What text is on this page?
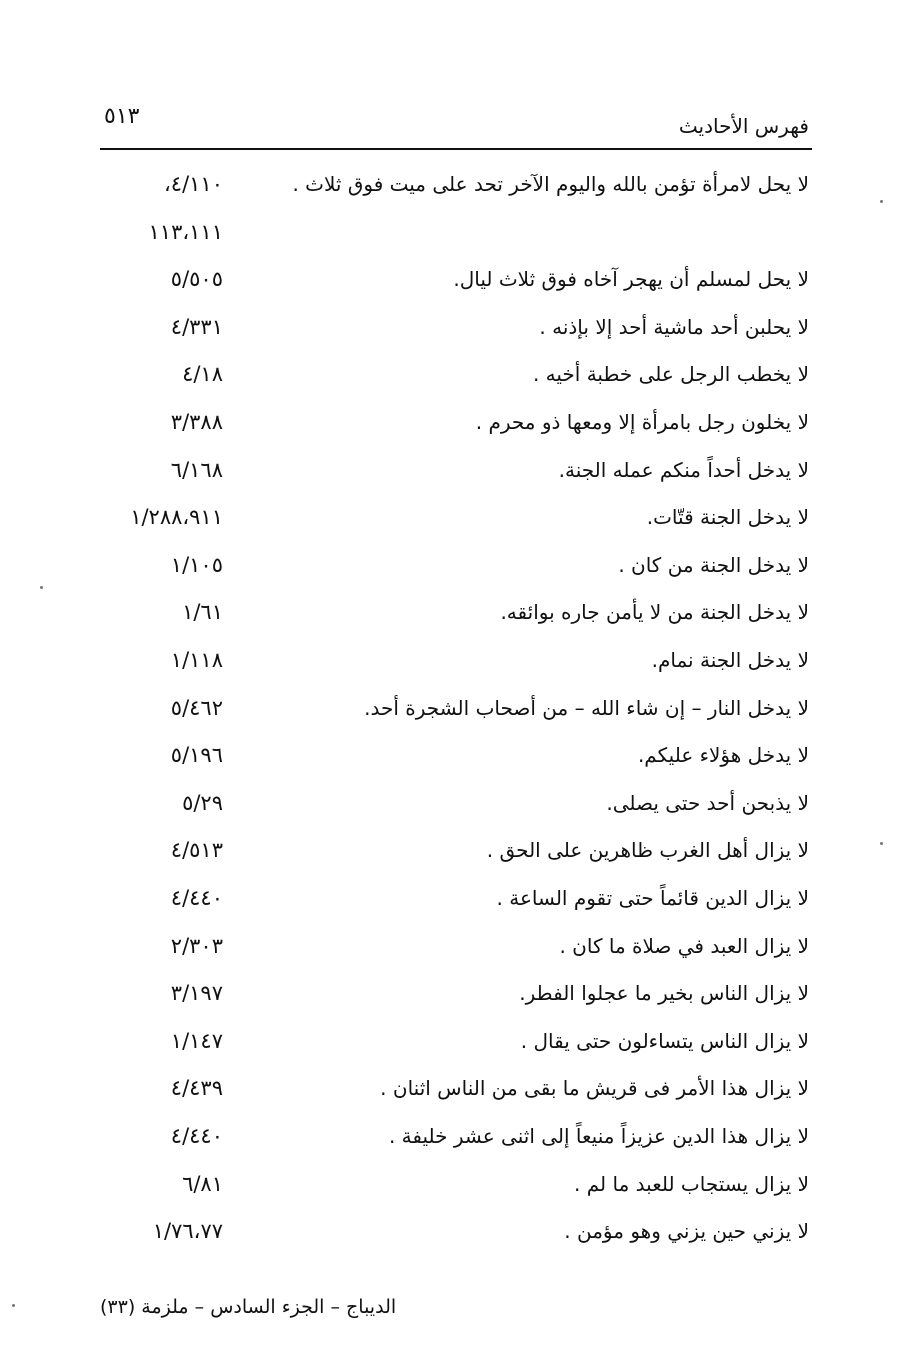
فهرس الأحاديث
٥١٣
لا يحل لامرأة تؤمن بالله واليوم الآخر تحد على ميت فوق ثلاث .
٤/١١٠،
١١٣،١١١
لا يحل لمسلم أن يهجر آخاه فوق ثلاث ليال.
٥/٥٠٥
لا يحلبن أحد ماشية أحد إلا بإذنه .
٤/٣٣١
لا يخطب الرجل على خطبة أخيه .
٤/١٨
لا يخلون رجل بامرأة إلا ومعها ذو محرم .
٣/٣٨٨
لا يدخل أحداً منكم عمله الجنة.
٦/١٦٨
لا يدخل الجنة قتّات.
١/٢٨٨،٩١١
لا يدخل الجنة من كان .
١/١٠٥
لا يدخل الجنة من لا يأمن جاره بوائقه.
١/٦١
لا يدخل الجنة نمام.
١/١١٨
لا يدخل النار – إن شاء الله – من أصحاب الشجرة أحد.
٥/٤٦٢
لا يدخل هؤلاء عليكم.
٥/١٩٦
لا يذبحن أحد حتى يصلى.
٥/٢٩
لا يزال أهل الغرب ظاهرين على الحق .
٤/٥١٣
لا يزال الدين قائماً حتى تقوم الساعة .
٤/٤٤٠
لا يزال العبد في صلاة ما كان .
٢/٣٠٣
لا يزال الناس بخير ما عجلوا الفطر.
٣/١٩٧
لا يزال الناس يتساءلون حتى يقال .
١/١٤٧
لا يزال هذا الأمر فى قريش ما بقى من الناس اثنان .
٤/٤٣٩
لا يزال هذا الدين عزيزاً منيعاً إلى اثنى عشر خليفة .
٤/٤٤٠
لا يزال يستجاب للعبد ما لم .
٦/٨١
لا يزني حين يزني وهو مؤمن .
١/٧٦،٧٧
الديباج – الجزء السادس – ملزمة (٣٣)
